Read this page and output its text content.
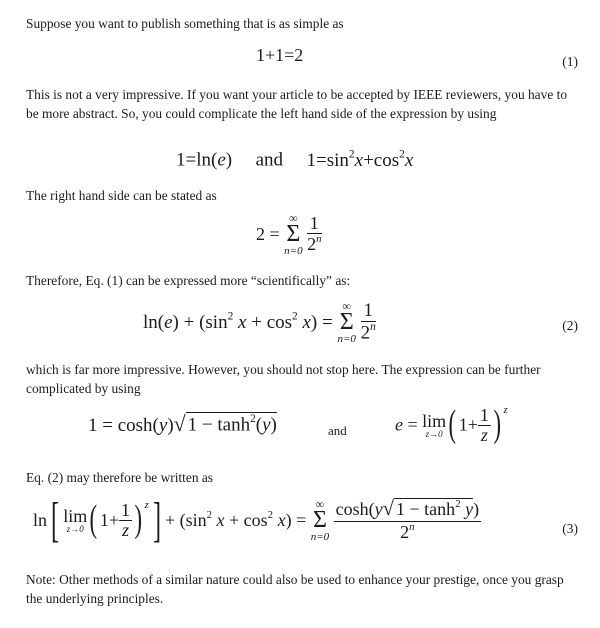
Suppose you want to publish something that is as simple as
1+1=2	(1)
This is not a very impressive. If you want your article to be accepted by IEEE reviewers, you have to be more abstract. So, you could complicate the left hand side of the expression by using
1=ln(e) and $1=\sin^2x+\cos^2x$
The right hand side can be stated as
2 =
∞
Σ
n=0
$\frac{1}{2^n}$
Therefore, Eq. (1) can be expressed more “scientifically” as:
$\ln(e) + (\sin^2$ $x + \cos^2 x$) =
∞
Σ
n=0
$\frac{1}{2^n}$	(2)
which is far more impressive. However, you should not stop here. The expression can be further complicated by using
1 = cosh(y)√ $1 - \tanh^2(y)$	and	e = lim
z→0 ( $1+ \frac{1}{z}$ ) $^z$
Eq. (2) may therefore be written as
ln[ lim
z→0 ( $1+ \frac{1}{z}$ ) $^z] + (\sin^2$ $x + \cos^2 x$) =
∞
Σ
n=0
$\frac{\cosh(y√ 1 - \tanh^2 y)}{2^n}$	(3)
Note: Other methods of a similar nature could also be used to enhance your prestige, once you grasp the underlying principles.
